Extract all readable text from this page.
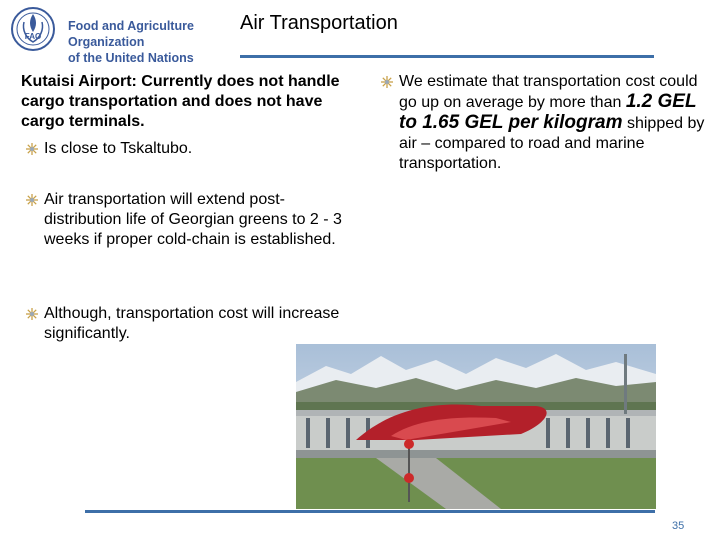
FAO
Food and Agriculture Organization
of the United Nations
Air Transportation
Kutaisi Airport: Currently does not handle cargo transportation and does not have cargo terminals.
Is close to Tskaltubo.
Air transportation will extend post-distribution life of Georgian greens to 2 - 3 weeks if proper cold-chain is established.
Although, transportation cost will increase significantly.
We estimate that transportation cost could go up on average by more than 1.2 GEL to 1.65 GEL per kilogram shipped by air – compared to road and marine transportation.
35
